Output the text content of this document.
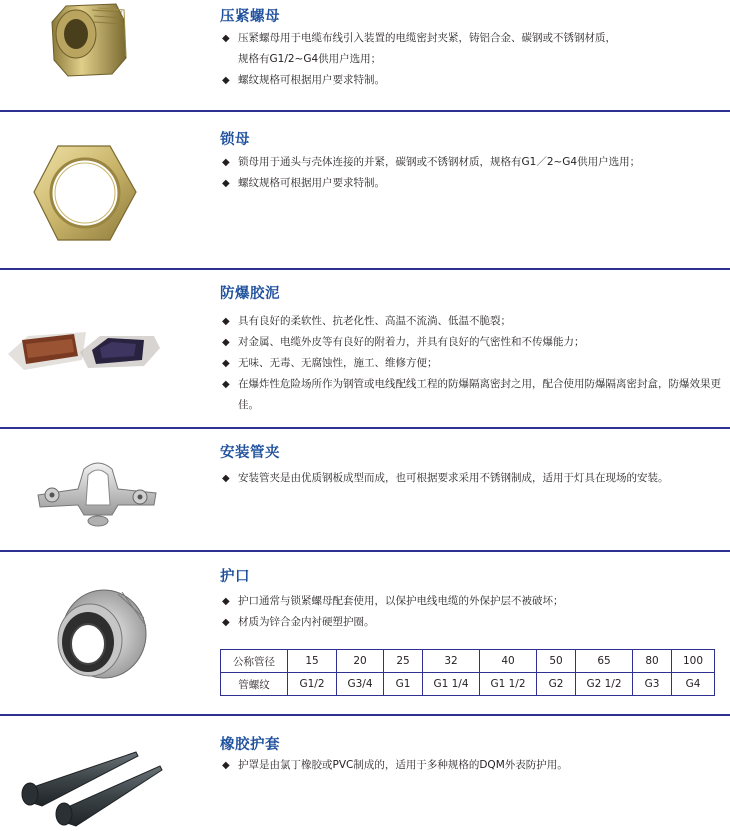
压紧螺母
◆ 压紧螺母用于电缆布线引入装置的电缆密封夹紧，铸铝合金、碳钢或不锈钢材质，
规格有G1/2~G4供用户选用；
◆ 螺纹规格可根据用户要求特制。
锁母
◆ 锁母用于通头与壳体连接的并紧，碳钢或不锈钢材质，规格有G1／2~G4供用户选用；
◆ 螺纹规格可根据用户要求特制。
防爆胶泥
◆ 具有良好的柔软性、抗老化性、高温不流淌、低温不脆裂；
◆ 对金属、电缆外皮等有良好的附着力，并具有良好的气密性和不传爆能力；
◆ 无味、无毒、无腐蚀性，施工、维修方便；
◆ 在爆炸性危险场所作为钢管或电线配线工程的防爆隔离密封之用，配合使用防爆隔离密封盒，防爆效果更佳。
安装管夹
◆ 安装管夹是由优质钢板成型而成，也可根据要求采用不锈钢制成，适用于灯具在现场的安装。
护口
◆ 护口通常与锁紧螺母配套使用，以保护电线电缆的外保护层不被破坏；
◆ 材质为锌合金内衬硬塑护圈。
公称管径	15	20	25	32	40	50	65	80	100
管螺纹	G1/2	G3/4	G1	G1 1/4	G1 1/2	G2	G2 1/2	G3	G4
橡胶护套
◆ 护罩是由氯丁橡胶或PVC制成的，适用于多种规格的DQM外表防护用。
